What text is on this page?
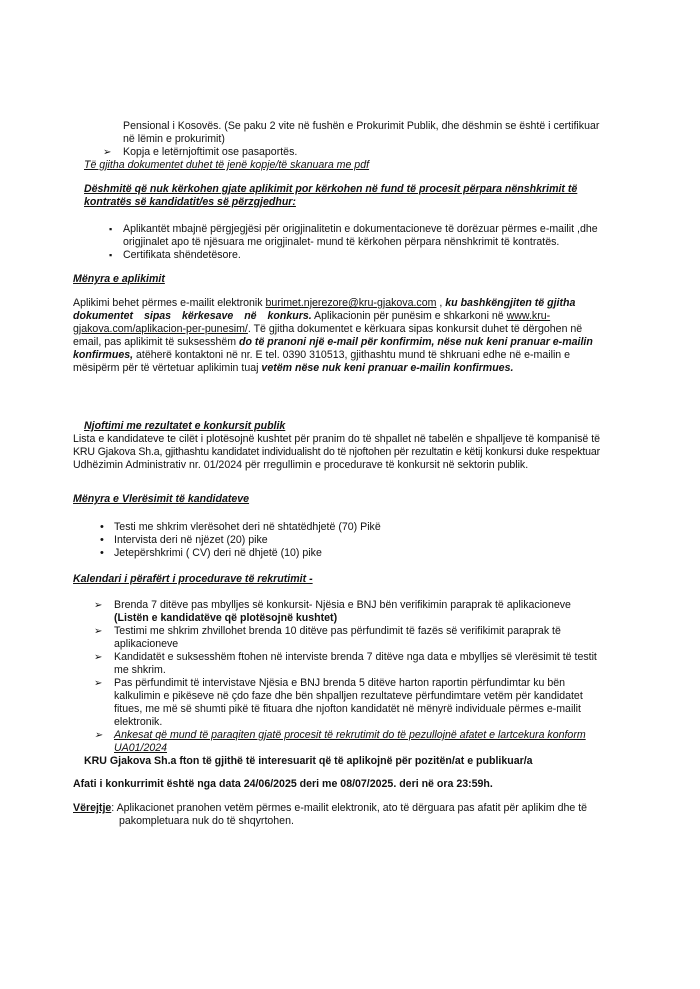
Pensional i Kosovës. (Se paku 2 vite në fushën e Prokurimit Publik, dhe dëshmin se është i certifikuar
në lëmin e prokurimit)
➢ Kopja e letërnjoftimit ose pasaportës.
Të gjitha dokumentet duhet të jenë kopje/të skanuara me pdf
Dëshmitë që nuk kërkohen gjate aplikimit por kërkohen në fund të procesit përpara nënshkrimit të
kontratës së kandidatit/es së përzgjedhur:
▪ Aplikantët mbajnë përgjegjësi për origjinalitetin e dokumentacioneve të dorëzuar përmes e-mailit ,dhe
origjinalet apo të njësuara me origjinalet- mund të kërkohen përpara nënshkrimit të kontratës.
▪ Certifikata shëndetësore.
Mënyra e aplikimit
Aplikimi behet përmes e-mailit elektronik burimet.njerezore@kru-gjakova.com , ku bashkëngjiten të gjitha
dokumentet sipas kërkesave në konkurs. Aplikacionin për punësim e shkarkoni në www.kru-
gjakova.com/aplikacion-per-punesim/. Të gjitha dokumentet e kërkuara sipas konkursit duhet të dërgohen në
email, pas aplikimit të suksesshëm do të pranoni një e-mail për konfirmim, nëse nuk keni pranuar e-mailin
konfirmues, atëherë kontaktoni në nr. E tel. 0390 310513, gjithashtu mund të shkruani edhe në e-mailin e
mësipërm për të vërtetuar aplikimin tuaj vetëm nëse nuk keni pranuar e-mailin konfirmues.
Njoftimi me rezultatet e konkursit publik
Lista e kandidateve te cilët i plotësojnë kushtet për pranim do të shpallet në tabelën e shpalljeve të kompanisë të
KRU Gjakova Sh.a, gjithashtu kandidatet individualisht do të njoftohen për rezultatin e këtij konkursi duke respektuar
Udhëzimin Administrativ nr. 01/2024 për rregullimin e procedurave të konkursit në sektorin publik.
Mënyra e Vlerësimit të kandidateve
• Testi me shkrim vlerësohet deri në shtatëdhjetë (70) Pikë
• Intervista deri në njëzet (20) pike
• Jetepërshkrimi ( CV) deri në dhjetë (10) pike
Kalendari i përafërt i procedurave të rekrutimit -
➢ Brenda 7 ditëve pas mbylljes së konkursit- Njësia e BNJ bën verifikimin paraprak të aplikacioneve
(Listën e kandidatëve që plotësojnë kushtet)
➢ Testimi me shkrim zhvillohet brenda 10 ditëve pas përfundimit të fazës së verifikimit paraprak të
aplikacioneve
➢ Kandidatët e suksesshëm ftohen në interviste brenda 7 ditëve nga data e mbylljes së vlerësimit të testit
me shkrim.
➢ Pas përfundimit të intervistave Njësia e BNJ brenda 5 ditëve harton raportin përfundimtar ku bën
kalkulimin e pikëseve në çdo faze dhe bën shpalljen rezultateve përfundimtare vetëm për kandidatet
fitues, me më së shumti pikë të fituara dhe njofton kandidatët në mënyrë individuale përmes e-mailit
elektronik.
➢ Ankesat që mund të paraqiten gjatë procesit të rekrutimit do të pezullojnë afatet e lartcekura konform
UA01/2024
KRU Gjakova Sh.a fton të gjithë të interesuarit që të aplikojnë për pozitën/at e publikuar/a
Afati i konkurrimit është nga data 24/06/2025 deri me 08/07/2025. deri në ora 23:59h.
Vërejtje: Aplikacionet pranohen vetëm përmes e-mailit elektronik, ato të dërguara pas afatit për aplikim dhe të
pakompletuara nuk do të shqyrtohen.
